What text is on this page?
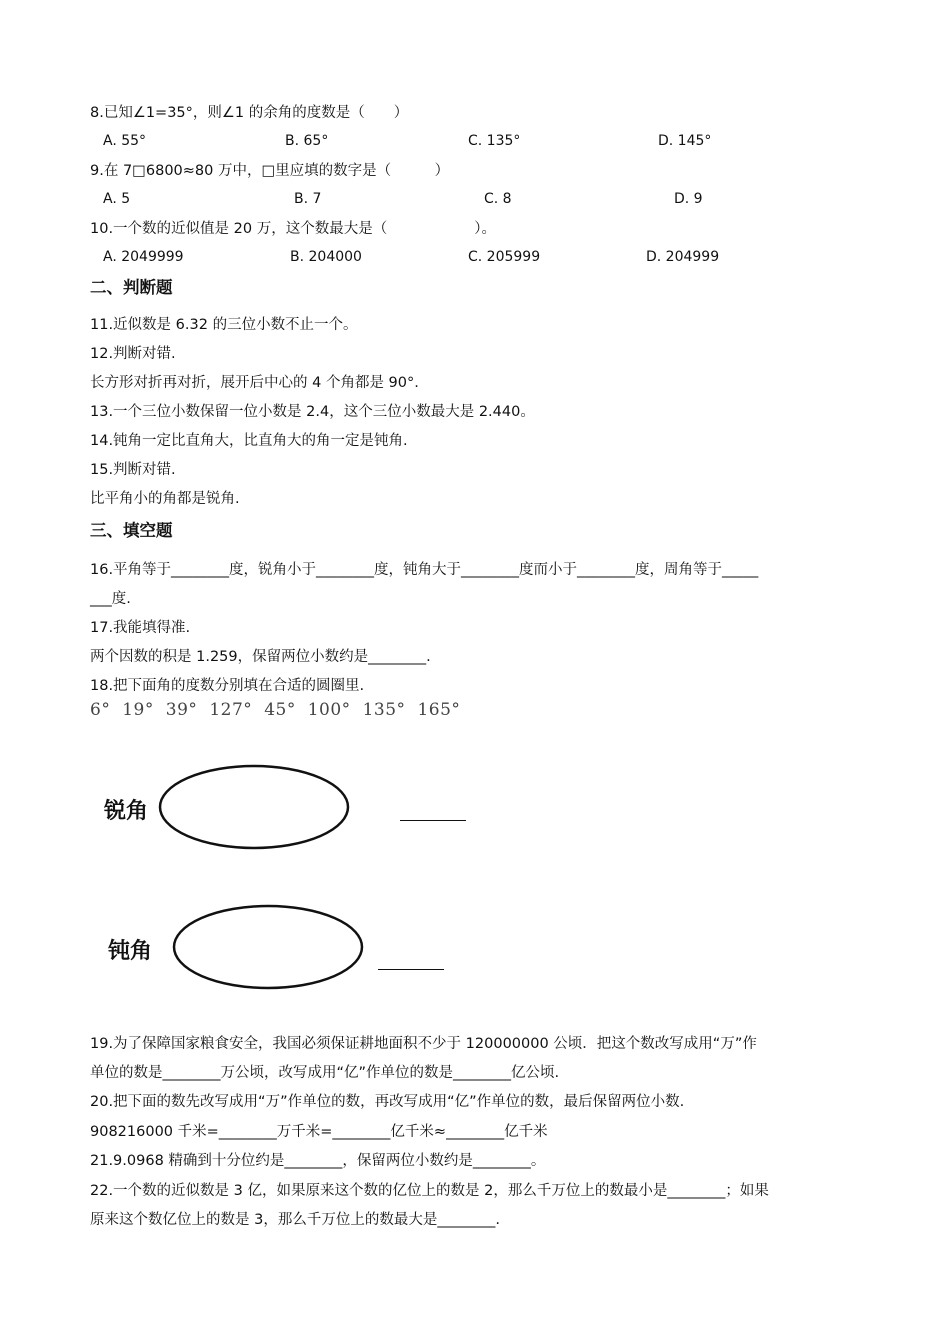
8.已知∠1=35°，则∠1 的余角的度数是（　　）
A. 55°	B. 65°	C. 135°	D. 145°
9.在 7□6800≈80 万中，□里应填的数字是（　　　）
A. 5	B. 7	C. 8	D. 9
10.一个数的近似值是 20 万，这个数最大是（　　　　　　）。
A. 2049999	B. 204000	C. 205999	D. 204999
二、判断题
11.近似数是 6.32 的三位小数不止一个。
12.判断对错.
长方形对折再对折，展开后中心的 4 个角都是 90°.
13.一个三位小数保留一位小数是 2.4，这个三位小数最大是 2.440。
14.钝角一定比直角大，比直角大的角一定是钝角.
15.判断对错.
比平角小的角都是锐角.
三、填空题
16.平角等于________度，锐角小于________度，钝角大于________度而小于________度，周角等于_____
___度.
17.我能填得准.
两个因数的积是 1.259，保留两位小数约是________.
18.把下面角的度数分别填在合适的圆圈里.
6° 19° 39° 127° 45° 100° 135° 165°
锐角
钝角
19.为了保障国家粮食安全，我国必须保证耕地面积不少于 120000000 公顷．把这个数改写成用“万”作
单位的数是________万公顷，改写成用“亿”作单位的数是________亿公顷.
20.把下面的数先改写成用“万”作单位的数，再改写成用“亿”作单位的数，最后保留两位小数.
908216000 千米=________万千米=________亿千米≈________亿千米
21.9.0968 精确到十分位约是________，保留两位小数约是________。
22.一个数的近似数是 3 亿，如果原来这个数的亿位上的数是 2，那么千万位上的数最小是________；如果
原来这个数亿位上的数是 3，那么千万位上的数最大是________.
